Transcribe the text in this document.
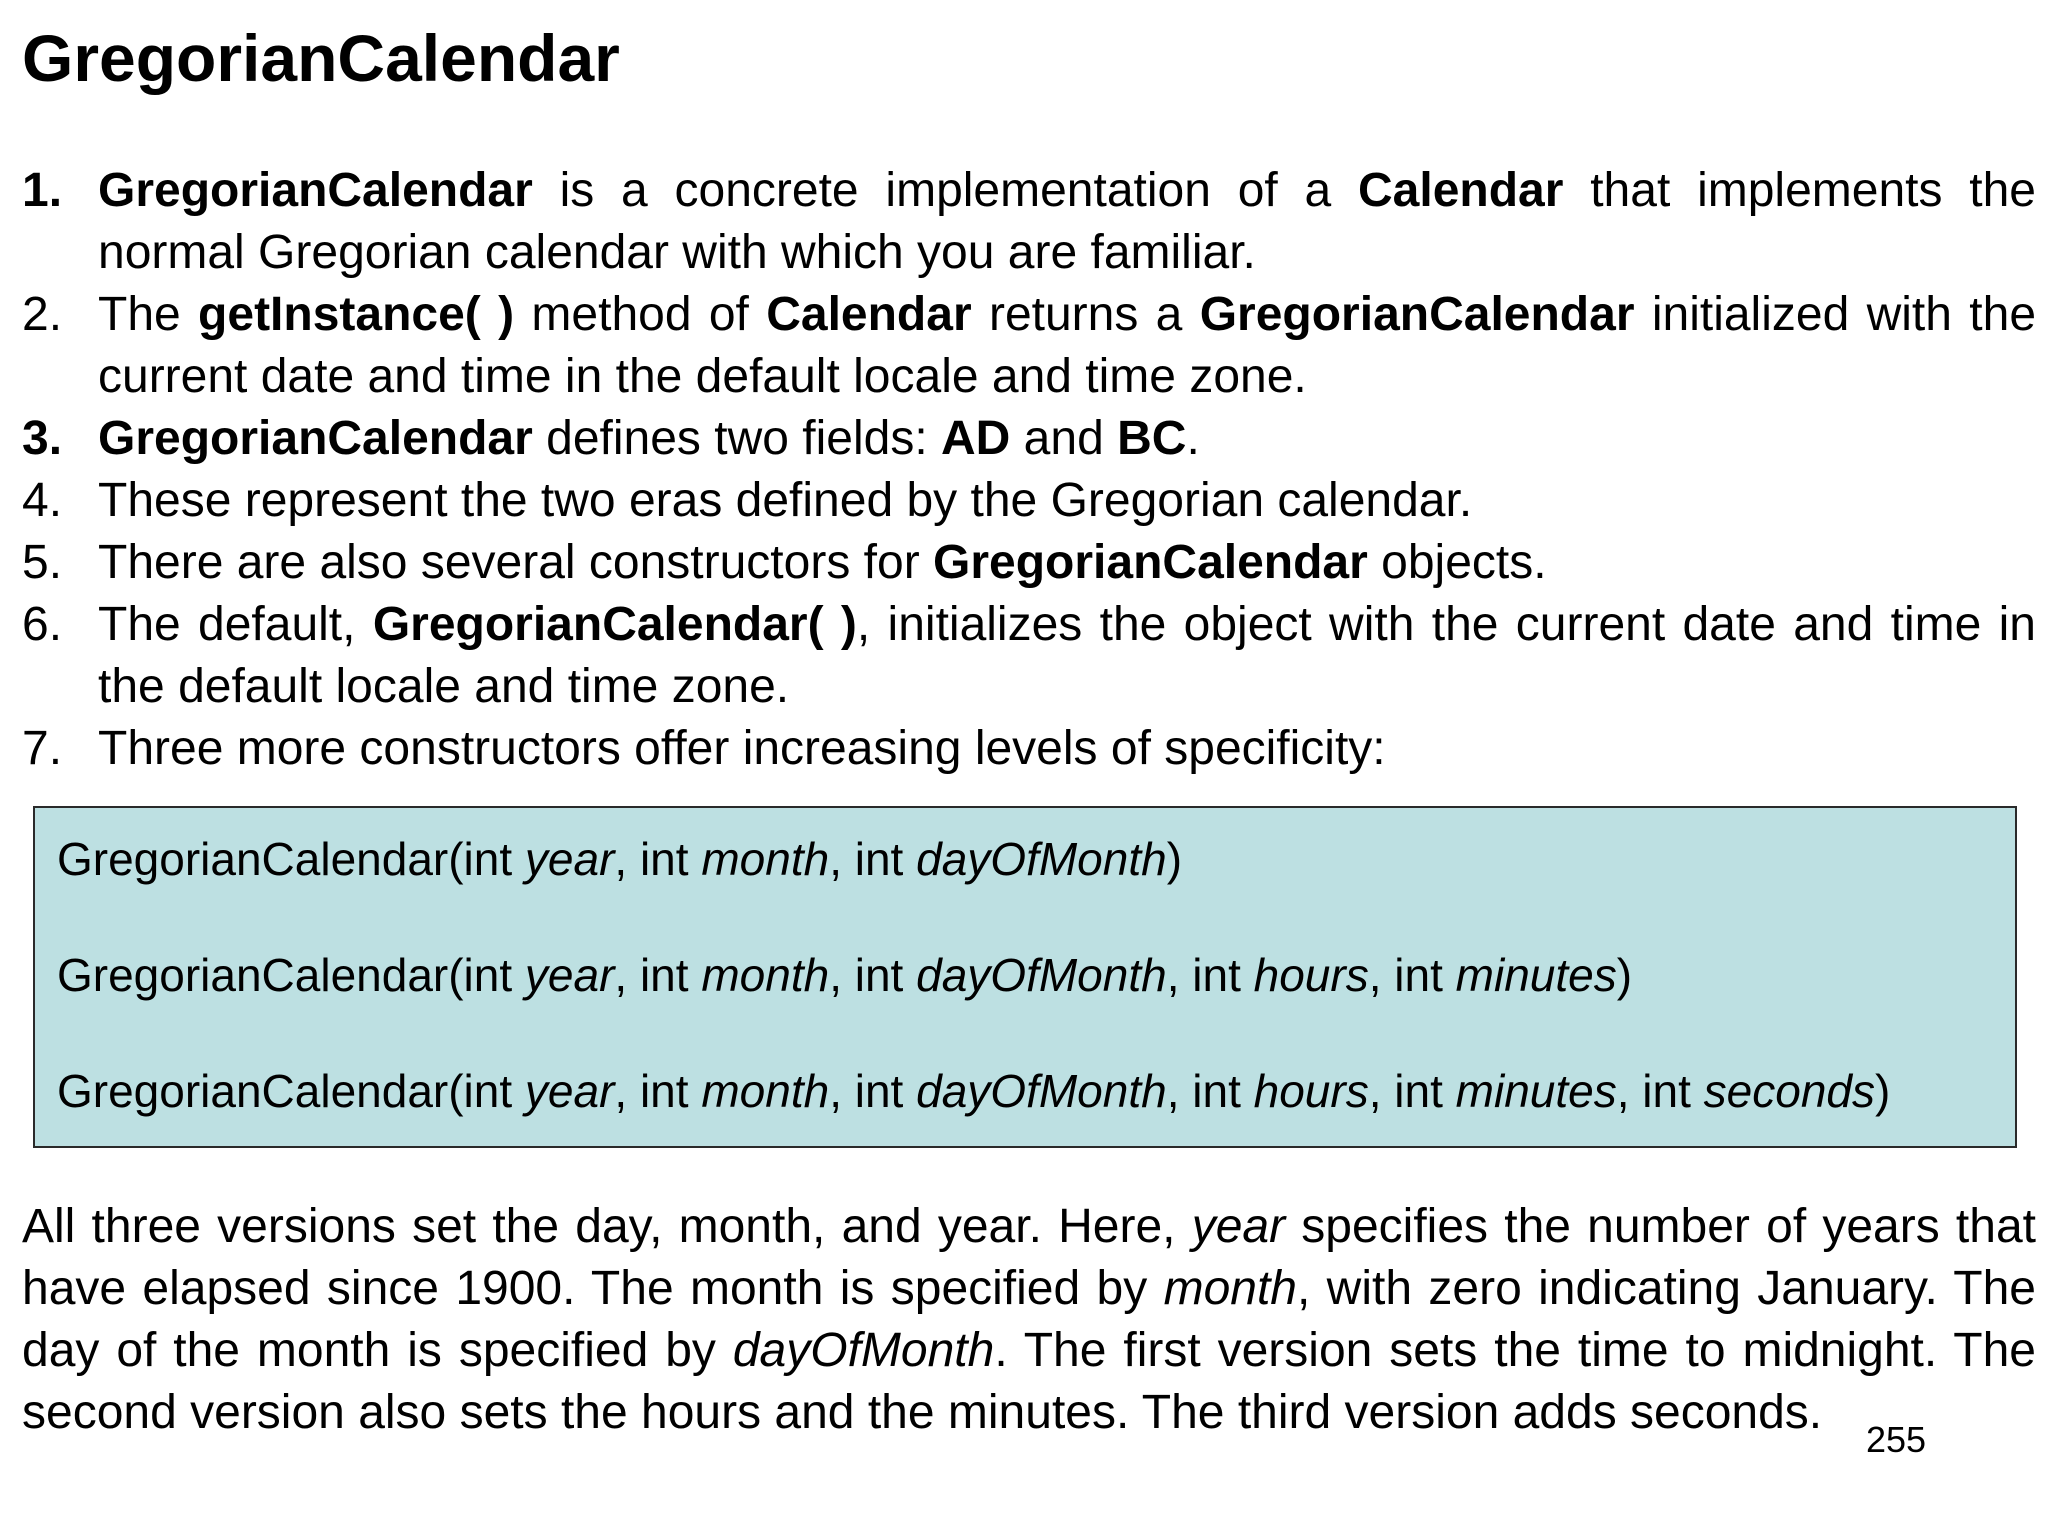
GregorianCalendar
1. GregorianCalendar is a concrete implementation of a Calendar that implements the normal Gregorian calendar with which you are familiar.
2. The getInstance( ) method of Calendar returns a GregorianCalendar initialized with the current date and time in the default locale and time zone.
3. GregorianCalendar defines two fields: AD and BC.
4. These represent the two eras defined by the Gregorian calendar.
5. There are also several constructors for GregorianCalendar objects.
6. The default, GregorianCalendar( ), initializes the object with the current date and time in the default locale and time zone.
7. Three more constructors offer increasing levels of specificity:
GregorianCalendar(int year, int month, int dayOfMonth)
GregorianCalendar(int year, int month, int dayOfMonth, int hours, int minutes)
GregorianCalendar(int year, int month, int dayOfMonth, int hours, int minutes, int seconds)

All three versions set the day, month, and year. Here, year specifies the number of years that have elapsed since 1900. The month is specified by month, with zero indicating January. The day of the month is specified by dayOfMonth. The first version sets the time to midnight. The second version also sets the hours and the minutes. The third version adds seconds.

255
